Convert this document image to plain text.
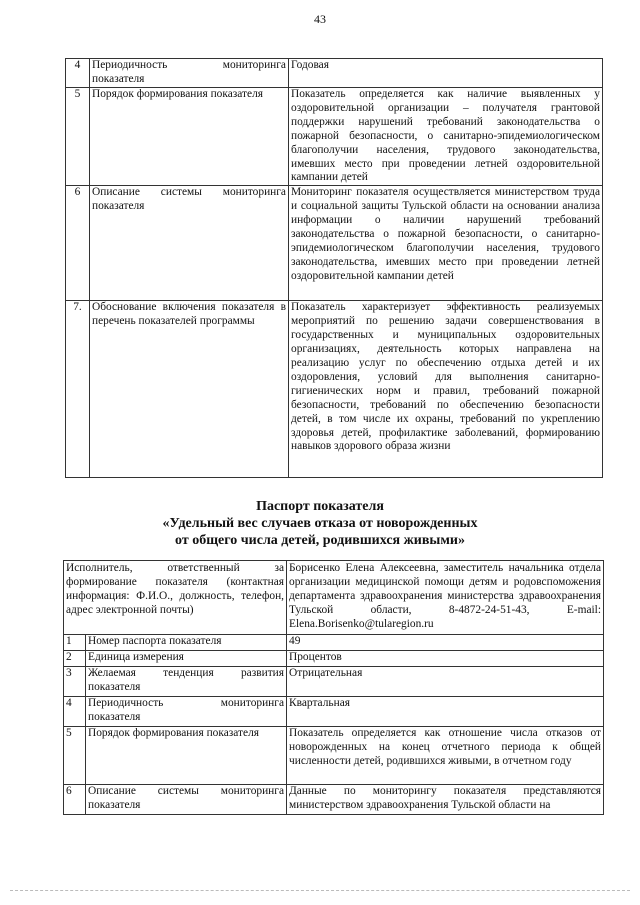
43
4	Периодичность мониторинга показателя	Годовая
5	Порядок формирования показателя	Показатель определяется как наличие выявленных у оздоровительной организации – получателя грантовой поддержки нарушений требований законодательства о пожарной безопасности, о санитарно-эпидемиологическом благополучии населения, трудового законодательства, имевших место при проведении летней оздоровительной кампании детей
6	Описание системы мониторинга показателя	Мониторинг показателя осуществляется министерством труда и социальной защиты Тульской области на основании анализа информации о наличии нарушений требований законодательства о пожарной безопасности, о санитарно-эпидемиологическом благополучии населения, трудового законодательства, имевших место при проведении летней оздоровительной кампании детей
7.	Обоснование включения показателя в перечень показателей программы	Показатель характеризует эффективность реализуемых мероприятий по решению задачи совершенствования в государственных и муниципальных оздоровительных организациях, деятельность которых направлена на реализацию услуг по обеспечению отдыха детей и их оздоровления, условий для выполнения санитарно-гигиенических норм и правил, требований пожарной безопасности, требований по обеспечению безопасности детей, в том числе их охраны, требований по укреплению здоровья детей, профилактике заболеваний, формированию навыков здорового образа жизни
Паспорт показателя
«Удельный вес случаев отказа от новорожденных
от общего числа детей, родившихся живыми»
Исполнитель, ответственный за формирование показателя (контактная информация: Ф.И.О., должность, телефон, адрес электронной почты)		Борисенко Елена Алексеевна, заместитель начальника отдела организации медицинской помощи детям и родовспоможения департамента здравоохранения министерства здравоохранения Тульской области, 8-4872-24-51-43, E-mail: Elena.Borisenko@tularegion.ru
1	Номер паспорта показателя	49
2	Единица измерения	Процентов
3	Желаемая тенденция развития показателя	Отрицательная
4	Периодичность мониторинга показателя	Квартальная
5	Порядок формирования показателя	Показатель определяется как отношение числа отказов от новорожденных на конец отчетного периода к общей численности детей, родившихся живыми, в отчетном году
6	Описание системы мониторинга показателя	Данные по мониторингу показателя представляются министерством здравоохранения Тульской области на
